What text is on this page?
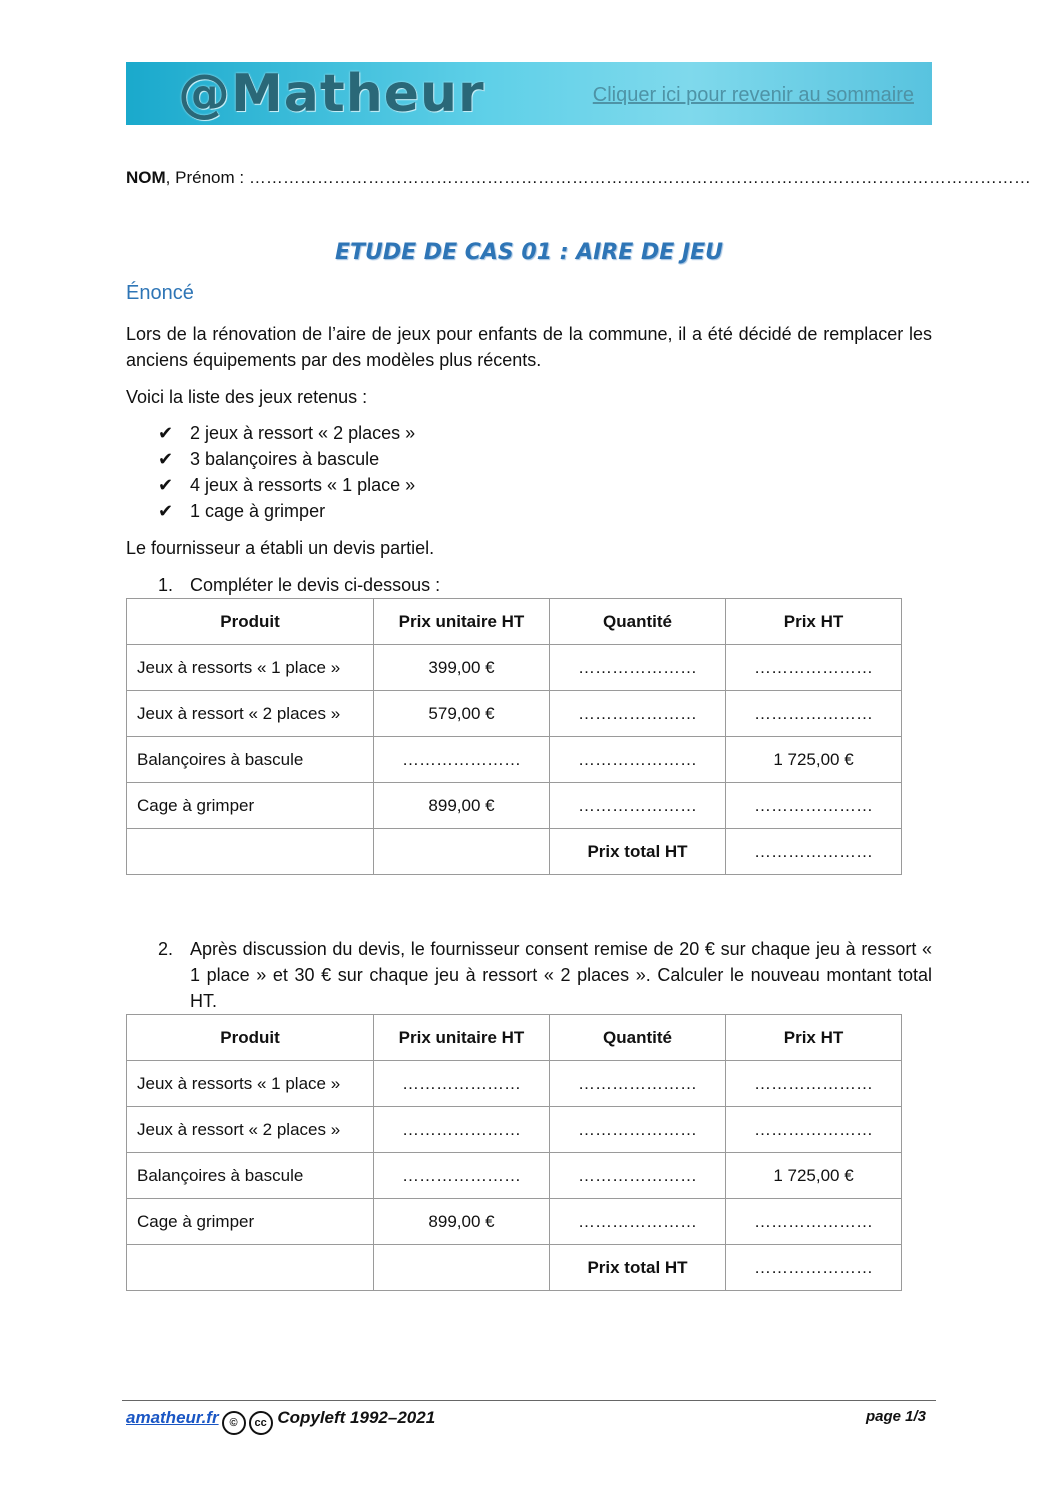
@Matheur	Cliquer ici pour revenir au sommaire
NOM, Prénom : …………………………………………………………………………………………………………………………
ETUDE DE CAS 01 : AIRE DE JEU
Énoncé
Lors de la rénovation de l’aire de jeux pour enfants de la commune, il a été décidé de remplacer les anciens équipements par des modèles plus récents.
Voici la liste des jeux retenus :
✔ 2 jeux à ressort « 2 places »
✔ 3 balançoires à bascule
✔ 4 jeux à ressorts « 1 place »
✔ 1 cage à grimper
Le fournisseur a établi un devis partiel.
1. Compléter le devis ci-dessous :
Produit	Prix unitaire HT	Quantité	Prix HT
Jeux à ressorts « 1 place »	399,00 €	…………………	…………………
Jeux à ressort « 2 places »	579,00 €	…………………	…………………
Balançoires à bascule	…………………	…………………	1 725,00 €
Cage à grimper	899,00 €	…………………	…………………
		Prix total HT	…………………
2. Après discussion du devis, le fournisseur consent remise de 20 € sur chaque jeu à ressort « 1 place » et 30 € sur chaque jeu à ressort « 2 places ». Calculer le nouveau montant total HT.
Produit	Prix unitaire HT	Quantité	Prix HT
Jeux à ressorts « 1 place »	…………………	…………………	…………………
Jeux à ressort « 2 places »	…………………	…………………	…………………
Balançoires à bascule	…………………	…………………	1 725,00 €
Cage à grimper	899,00 €	…………………	…………………
		Prix total HT	…………………
amatheur.fr © cc Copyleft 1992–2021	page 1/3
